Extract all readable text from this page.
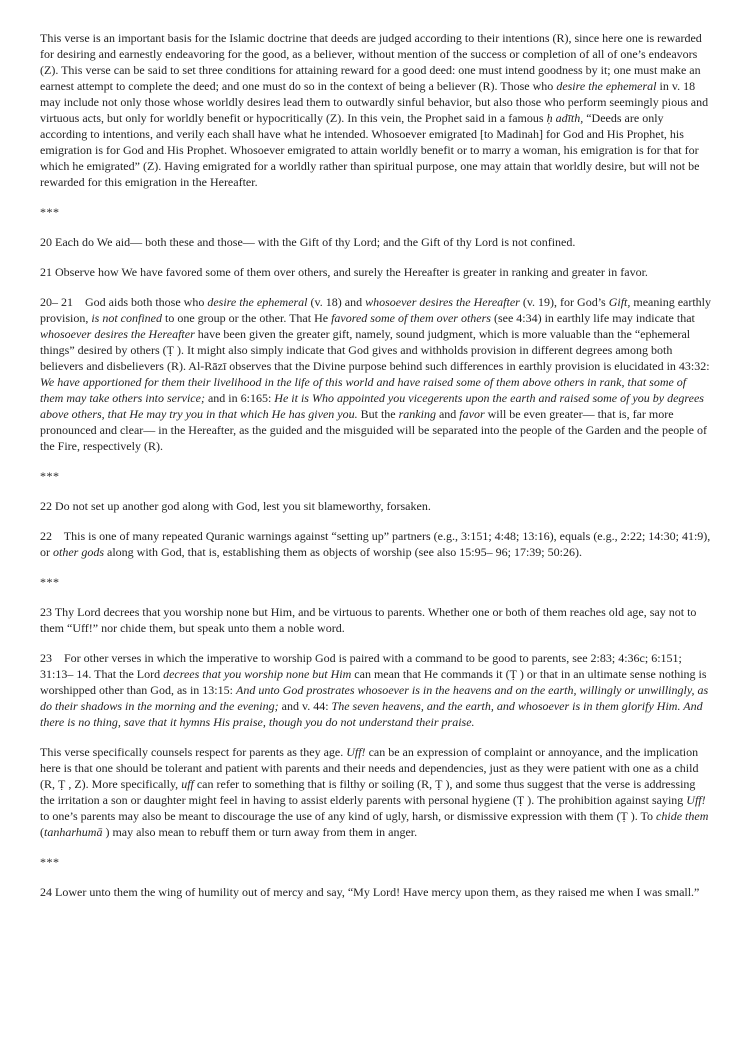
This verse is an important basis for the Islamic doctrine that deeds are judged according to their intentions (R), since here one is rewarded for desiring and earnestly endeavoring for the good, as a believer, without mention of the success or completion of all of one’s endeavors (Z). This verse can be said to set three conditions for attaining reward for a good deed: one must intend goodness by it; one must make an earnest attempt to complete the deed; and one must do so in the context of being a believer (R). Those who desire the ephemeral in v. 18 may include not only those whose worldly desires lead them to outwardly sinful behavior, but also those who perform seemingly pious and virtuous acts, but only for worldly benefit or hypocritically (Z). In this vein, the Prophet said in a famous ḥ adīth, “Deeds are only according to intentions, and verily each shall have what he intended. Whosoever emigrated [to Madinah] for God and His Prophet, his emigration is for God and His Prophet. Whosoever emigrated to attain worldly benefit or to marry a woman, his emigration is for that for which he emigrated” (Z). Having emigrated for a worldly rather than spiritual purpose, one may attain that worldly desire, but will not be rewarded for this emigration in the Hereafter.

***

20 Each do We aid— both these and those— with the Gift of thy Lord; and the Gift of thy Lord is not confined.

21 Observe how We have favored some of them over others, and surely the Hereafter is greater in ranking and greater in favor.

20– 21    God aids both those who desire the ephemeral (v. 18) and whosoever desires the Hereafter (v. 19), for God’s Gift, meaning earthly provision, is not confined to one group or the other. That He favored some of them over others (see 4:34) in earthly life may indicate that whosoever desires the Hereafter have been given the greater gift, namely, sound judgment, which is more valuable than the “ephemeral things” desired by others (Ṭ ). It might also simply indicate that God gives and withholds provision in different degrees among both believers and disbelievers (R). Al-Rāzī observes that the Divine purpose behind such differences in earthly provision is elucidated in 43:32: We have apportioned for them their livelihood in the life of this world and have raised some of them above others in rank, that some of them may take others into service; and in 6:165: He it is Who appointed you vicegerents upon the earth and raised some of you by degrees above others, that He may try you in that which He has given you. But the ranking and favor will be even greater— that is, far more pronounced and clear— in the Hereafter, as the guided and the misguided will be separated into the people of the Garden and the people of the Fire, respectively (R).

***

22 Do not set up another god along with God, lest you sit blameworthy, forsaken.

22    This is one of many repeated Quranic warnings against “setting up” partners (e.g., 3:151; 4:48; 13:16), equals (e.g., 2:22; 14:30; 41:9), or other gods along with God, that is, establishing them as objects of worship (see also 15:95– 96; 17:39; 50:26).

***

23 Thy Lord decrees that you worship none but Him, and be virtuous to parents. Whether one or both of them reaches old age, say not to them “Uff!” nor chide them, but speak unto them a noble word.

23    For other verses in which the imperative to worship God is paired with a command to be good to parents, see 2:83; 4:36c; 6:151; 31:13– 14. That the Lord decrees that you worship none but Him can mean that He commands it (Ṭ ) or that in an ultimate sense nothing is worshipped other than God, as in 13:15: And unto God prostrates whosoever is in the heavens and on the earth, willingly or unwillingly, as do their shadows in the morning and the evening; and v. 44: The seven heavens, and the earth, and whosoever is in them glorify Him. And there is no thing, save that it hymns His praise, though you do not understand their praise.

This verse specifically counsels respect for parents as they age. Uff! can be an expression of complaint or annoyance, and the implication here is that one should be tolerant and patient with parents and their needs and dependencies, just as they were patient with one as a child (R, Ṭ , Z). More specifically, uff can refer to something that is filthy or soiling (R, Ṭ ), and some thus suggest that the verse is addressing the irritation a son or daughter might feel in having to assist elderly parents with personal hygiene (Ṭ ). The prohibition against saying Uff! to one’s parents may also be meant to discourage the use of any kind of ugly, harsh, or dismissive expression with them (Ṭ ). To chide them (tanharhumā ) may also mean to rebuff them or turn away from them in anger.

***

24 Lower unto them the wing of humility out of mercy and say, “My Lord! Have mercy upon them, as they raised me when I was small.”
